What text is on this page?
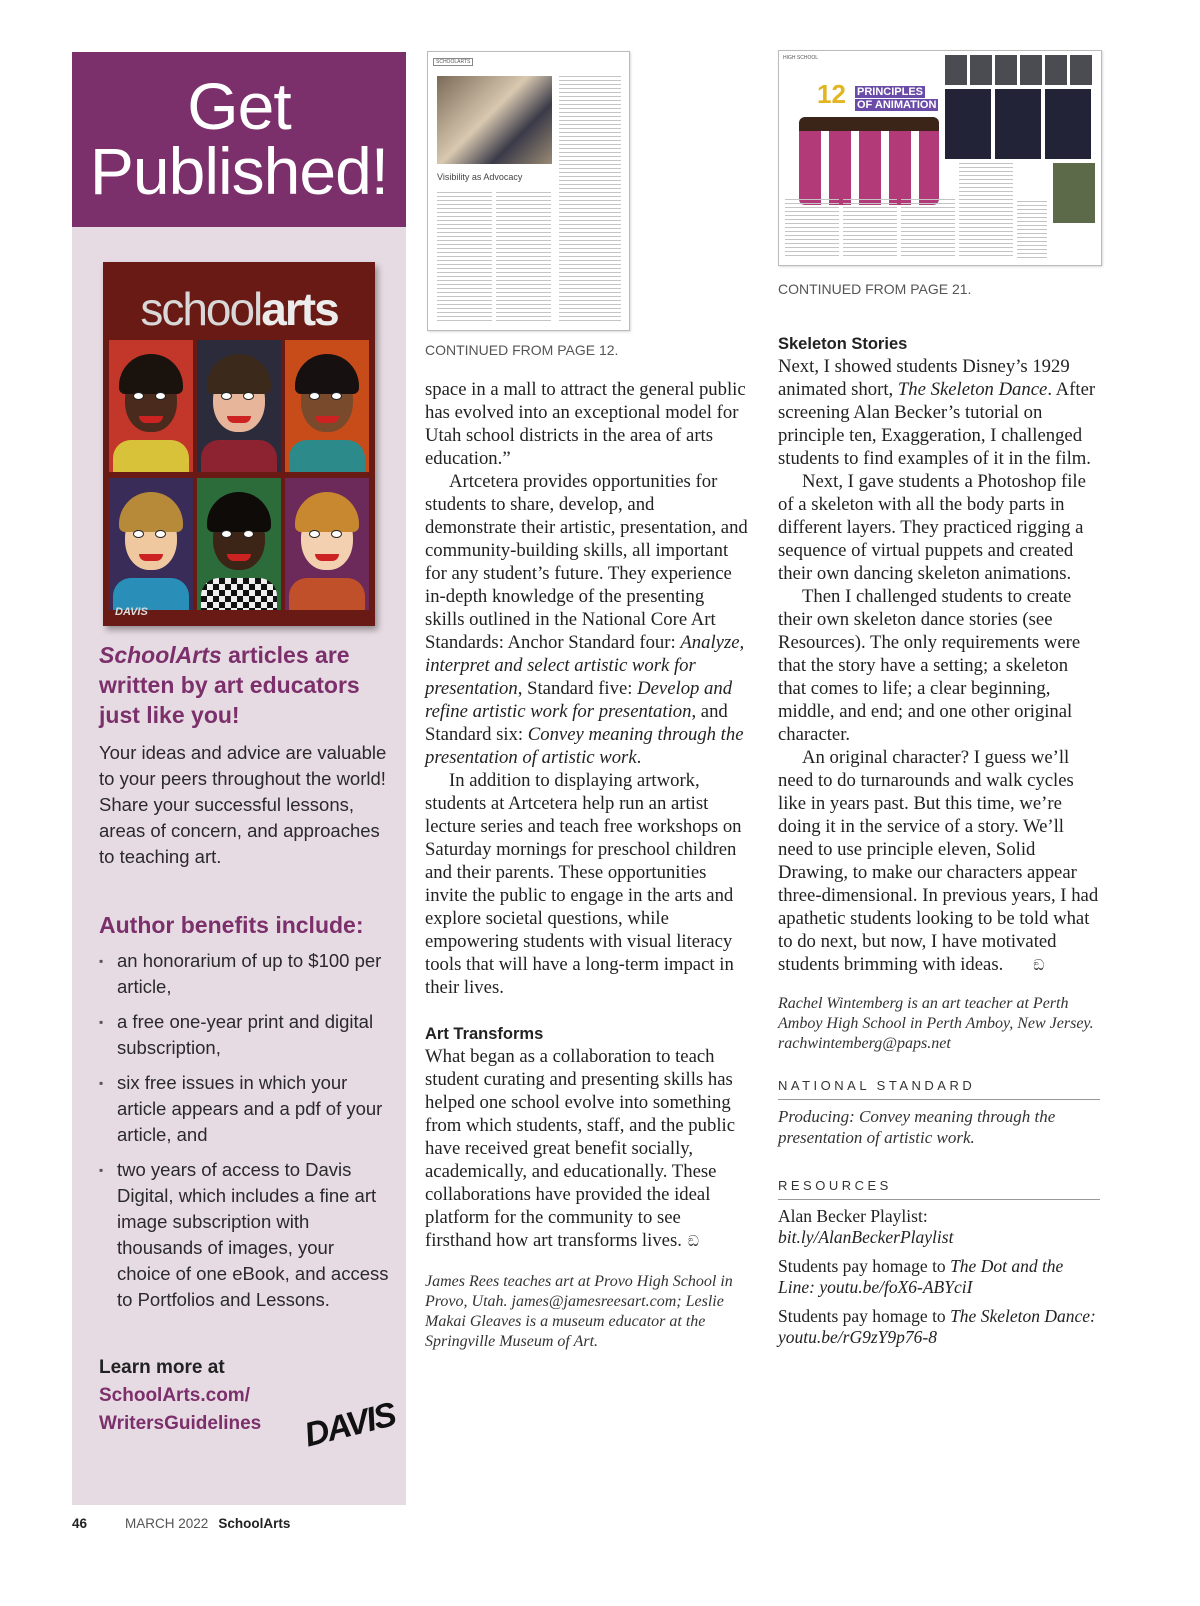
Get
Published!
schoolarts
DAVIS
SchoolArts articles are written by art educators just like you!
Your ideas and advice are valuable to your peers throughout the world! Share your successful lessons, areas of concern, and approaches to teaching art.
Author benefits include:
▪ an honorarium of up to $100 per article,
▪ a free one-year print and digital subscription,
▪ six free issues in which your article appears and a pdf of your article, and
▪ two years of access to Davis Digital, which includes a fine art image subscription with thousands of images, your choice of one eBook, and access to Portfolios and Lessons.
Learn more at
SchoolArts.com/
WritersGuidelines DAVIS
SCHOOLARTS
Visibility as Advocacy
CONTINUED FROM PAGE 12.
HIGH SCHOOL
12 PRINCIPLES
OF ANIMATION
CONTINUED FROM PAGE 21.

space in a mall to attract the general public has evolved into an exceptional model for Utah school districts in the area of arts education.”

Artcetera provides opportunities for students to share, develop, and demonstrate their artistic, presentation, and community-building skills, all important for any student’s future. They experience in-depth knowledge of the presenting skills outlined in the National Core Art Standards: Anchor Standard four: Analyze, interpret and select artistic work for presentation, Standard five: Develop and refine artistic work for presentation, and Standard six: Convey meaning through the presentation of artistic work.

In addition to displaying artwork, students at Artcetera help run an artist lecture series and teach free workshops on Saturday mornings for preschool children and their parents. These opportunities invite the public to engage in the arts and explore societal questions, while empowering students with visual literacy tools that will have a long-term impact in their lives.

Art Transforms

What began as a collaboration to teach student curating and presenting skills has helped one school evolve into something from which students, staff, and the public have received great benefit socially, academically, and educationally. These collaborations have provided the ideal platform for the community to see firsthand how art transforms lives. ඞ

James Rees teaches art at Provo High School in Provo, Utah. james@jamesreesart.com; Leslie Makai Gleaves is a museum educator at the Springville Museum of Art.

Skeleton Stories

Next, I showed students Disney’s 1929 animated short, The Skeleton Dance. After screening Alan Becker’s tutorial on principle ten, Exaggeration, I challenged students to find examples of it in the film.

Next, I gave students a Photoshop file of a skeleton with all the body parts in different layers. They practiced rigging a sequence of virtual puppets and created their own dancing skeleton animations.

Then I challenged students to create their own skeleton dance stories (see Resources). The only requirements were that the story have a setting; a skeleton that comes to life; a clear beginning, middle, and end; and one other original character.

An original character? I guess we’ll need to do turnarounds and walk cycles like in years past. But this time, we’re doing it in the service of a story. We’ll need to use principle eleven, Solid Drawing, to make our characters appear three-dimensional. In previous years, I had apathetic students looking to be told what to do next, but now, I have motivated students brimming with ideas. ඞ

Rachel Wintemberg is an art teacher at Perth Amboy High School in Perth Amboy, New Jersey. rachwintemberg@paps.net

NATIONAL STANDARD

Producing: Convey meaning through the presentation of artistic work.

RESOURCES

Alan Becker Playlist:
bit.ly/AlanBeckerPlaylist

Students pay homage to The Dot and the Line: youtu.be/foX6-ABYciI

Students pay homage to The Skeleton Dance: youtu.be/rG9zY9p76-8

46	MARCH 2022 SchoolArts
